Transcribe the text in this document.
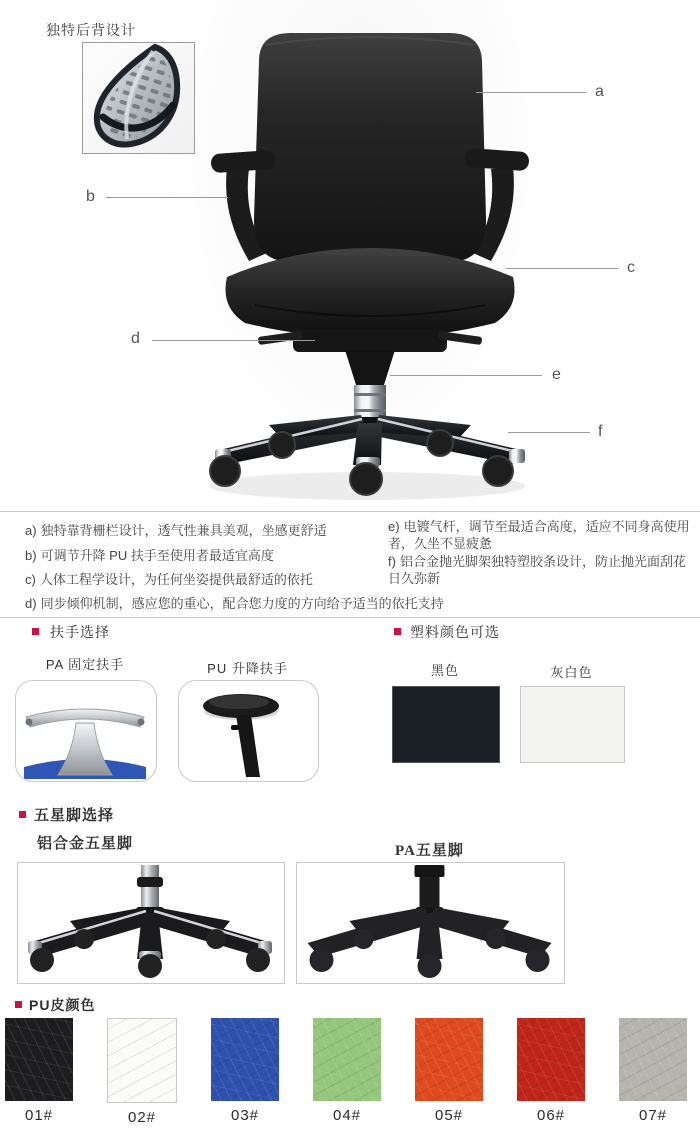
独特后背设计
a
b
c
d
e
f
a) 独特靠背栅栏设计，透气性兼具美观，坐感更舒适
b) 可调节升降 PU 扶手至使用者最适宜高度
c) 人体工程学设计，为任何坐姿提供最舒适的依托
d) 同步倾仰机制，感应您的重心，配合您力度的方向给予适当的依托支持
e) 电镀气杆，调节至最适合高度，适应不同身高使用者，久坐不显疲惫
f) 铝合金抛光脚架独特塑胶条设计，防止抛光面刮花日久弥新
扶手选择
PA 固定扶手	PU 升降扶手
塑料颜色可选
黑色	灰白色
五星脚选择
铝合金五星脚	PA五星脚
PU皮颜色
01#	02#	03#	04#	05#	06#	07#
